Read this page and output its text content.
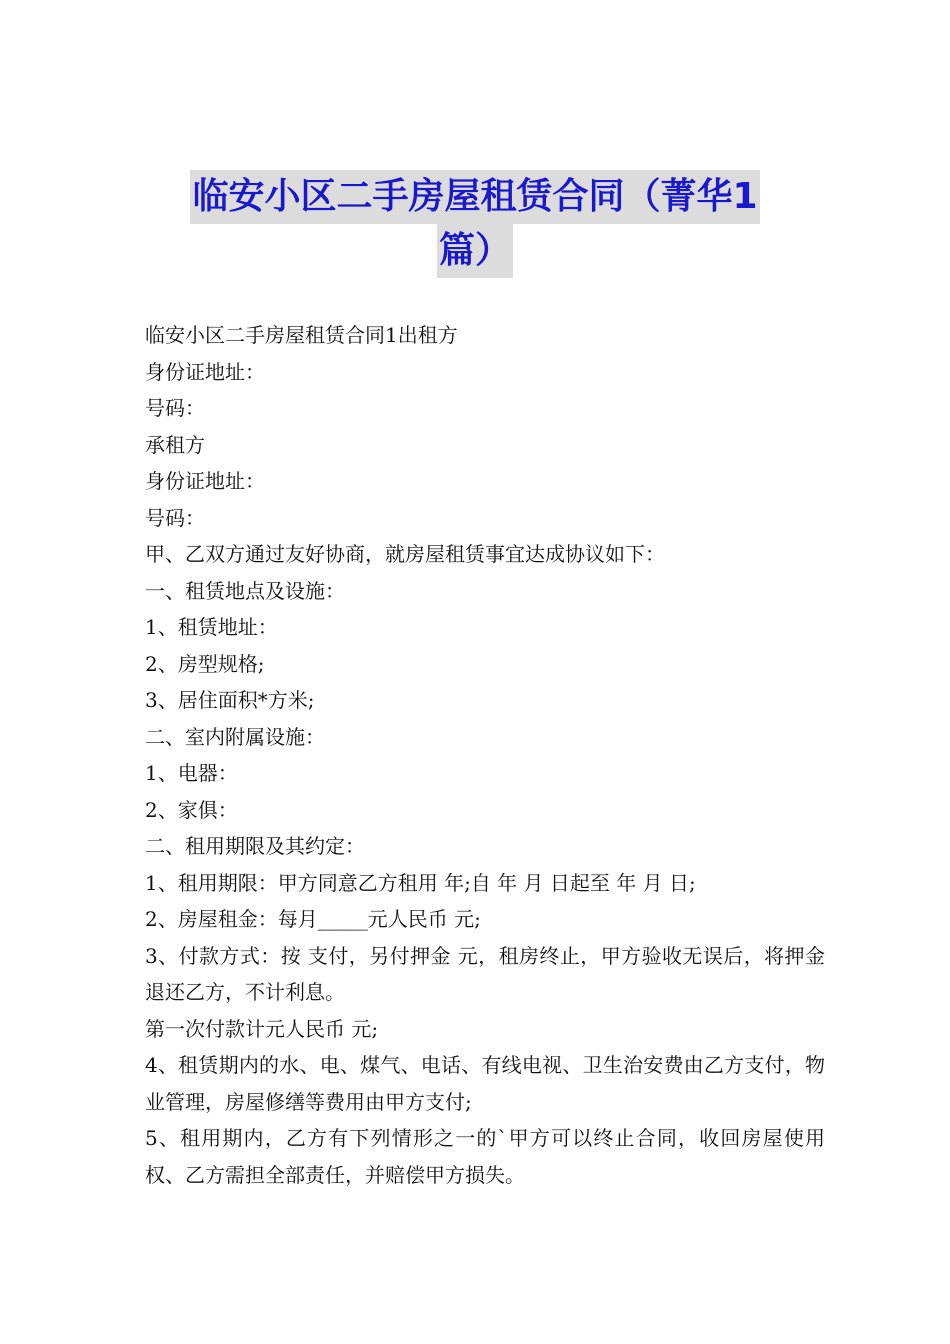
临安小区二手房屋租赁合同（菁华1
篇）

临安小区二手房屋租赁合同1出租方

身份证地址：

号码：

承租方

身份证地址：

号码：

甲、乙双方通过友好协商，就房屋租赁事宜达成协议如下：

一、租赁地点及设施：

1、租赁地址：

2、房型规格;

3、居住面积*方米;

二、室内附属设施：

1、电器：

2、家俱：

二、租用期限及其约定：

1、租用期限：甲方同意乙方租用 年;自 年 月 日起至 年 月 日;

2、房屋租金：每月_____元人民币 元;

3、付款方式：按 支付，另付押金 元，租房终止，甲方验收无误后，将押金退还乙方，不计利息。

第一次付款计元人民币 元;

4、租赁期内的水、电、煤气、电话、有线电视、卫生治安费由乙方支付，物业管理，房屋修缮等费用由甲方支付;

5、租用期内，乙方有下列情形之一的`甲方可以终止合同，收回房屋使用权、乙方需担全部责任，并赔偿甲方损失。
